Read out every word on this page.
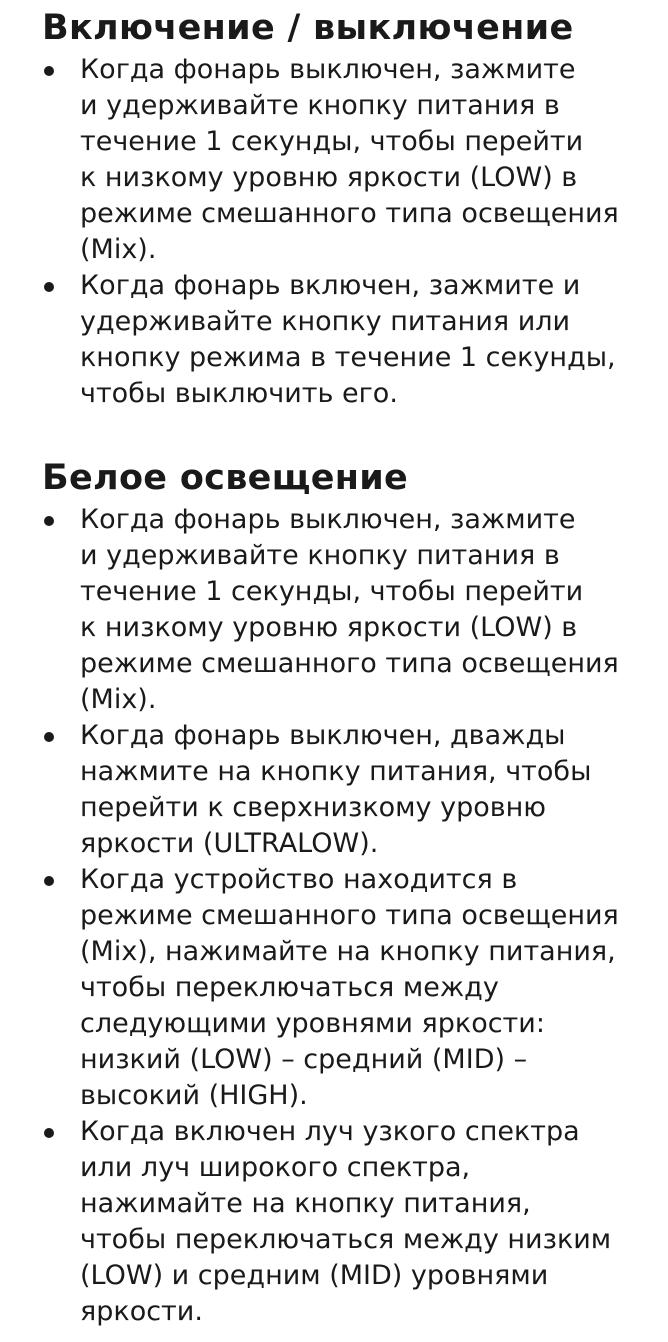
Включение / выключение
Когда фонарь выключен, зажмите
и удерживайте кнопку питания в
течение 1 секунды, чтобы перейти
к низкому уровню яркости (LOW) в
режиме смешанного типа освещения
(Mix).
Когда фонарь включен, зажмите и
удерживайте кнопку питания или
кнопку режима в течение 1 секунды,
чтобы выключить его.
Белое освещение
Когда фонарь выключен, зажмите
и удерживайте кнопку питания в
течение 1 секунды, чтобы перейти
к низкому уровню яркости (LOW) в
режиме смешанного типа освещения
(Mix).
Когда фонарь выключен, дважды
нажмите на кнопку питания, чтобы
перейти к сверхнизкому уровню
яркости (ULTRALOW).
Когда устройство находится в
режиме смешанного типа освещения
(Mix), нажимайте на кнопку питания,
чтобы переключаться между
следующими уровнями яркости:
низкий (LOW) – средний (MID) –
высокий (HIGH).
Когда включен луч узкого спектра
или луч широкого спектра,
нажимайте на кнопку питания,
чтобы переключаться между низким
(LOW) и средним (MID) уровнями
яркости.
